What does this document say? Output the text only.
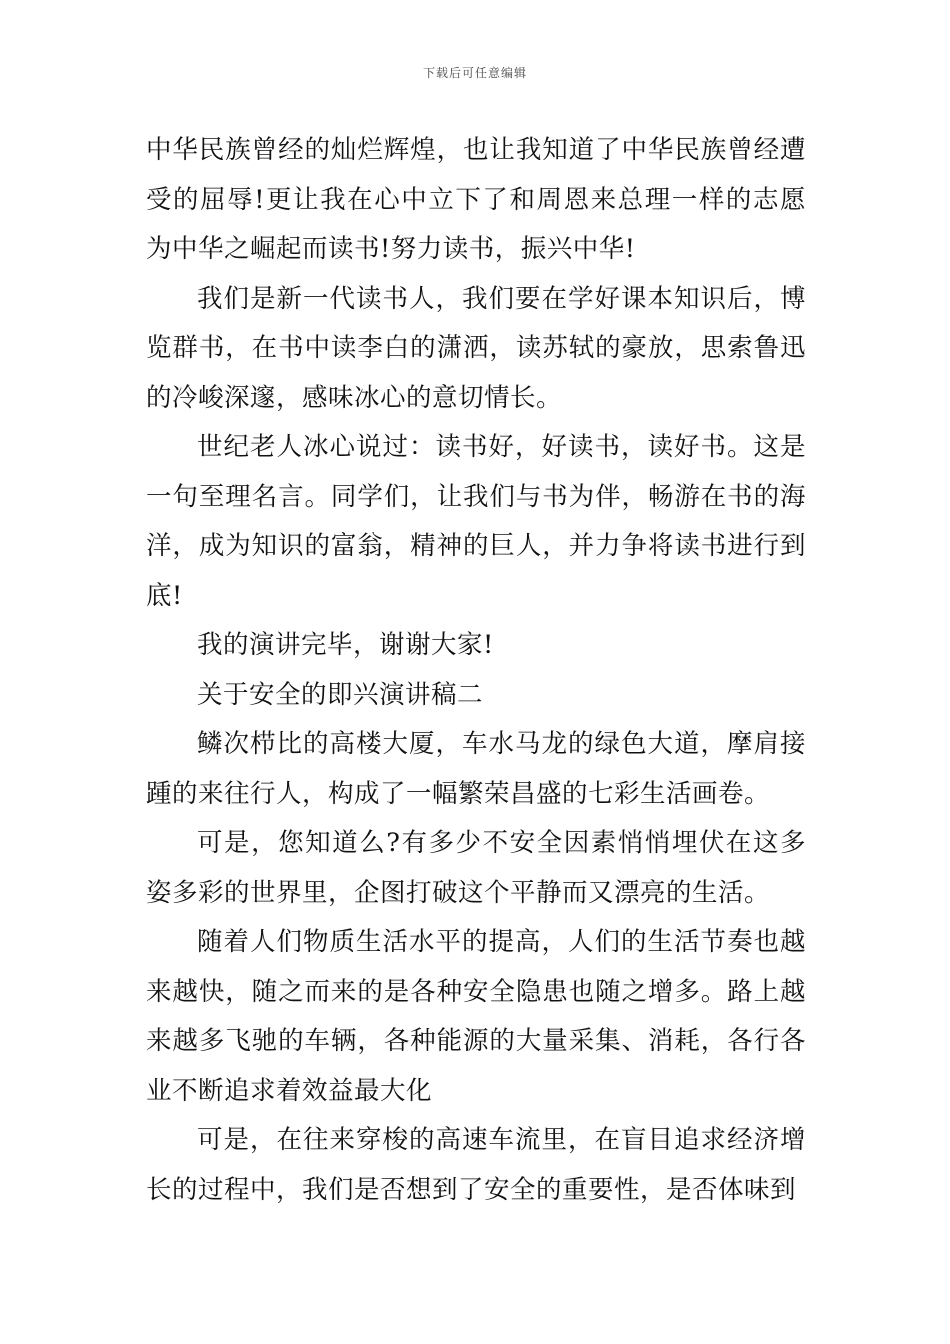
下载后可任意编辑

中华民族曾经的灿烂辉煌，也让我知道了中华民族曾经遭受的屈辱!更让我在心中立下了和周恩来总理一样的志愿为中华之崛起而读书!努力读书，振兴中华!

我们是新一代读书人，我们要在学好课本知识后，博览群书，在书中读李白的潇洒，读苏轼的豪放，思索鲁迅的冷峻深邃，感味冰心的意切情长。

世纪老人冰心说过：读书好，好读书，读好书。这是一句至理名言。同学们，让我们与书为伴，畅游在书的海洋，成为知识的富翁，精神的巨人，并力争将读书进行到底!

我的演讲完毕，谢谢大家!

关于安全的即兴演讲稿二

鳞次栉比的高楼大厦，车水马龙的绿色大道，摩肩接踵的来往行人，构成了一幅繁荣昌盛的七彩生活画卷。

可是，您知道么?有多少不安全因素悄悄埋伏在这多姿多彩的世界里，企图打破这个平静而又漂亮的生活。

随着人们物质生活水平的提高，人们的生活节奏也越来越快，随之而来的是各种安全隐患也随之增多。路上越来越多飞驰的车辆，各种能源的大量采集、消耗，各行各业不断追求着效益最大化

可是，在往来穿梭的高速车流里，在盲目追求经济增长的过程中，我们是否想到了安全的重要性，是否体味到
